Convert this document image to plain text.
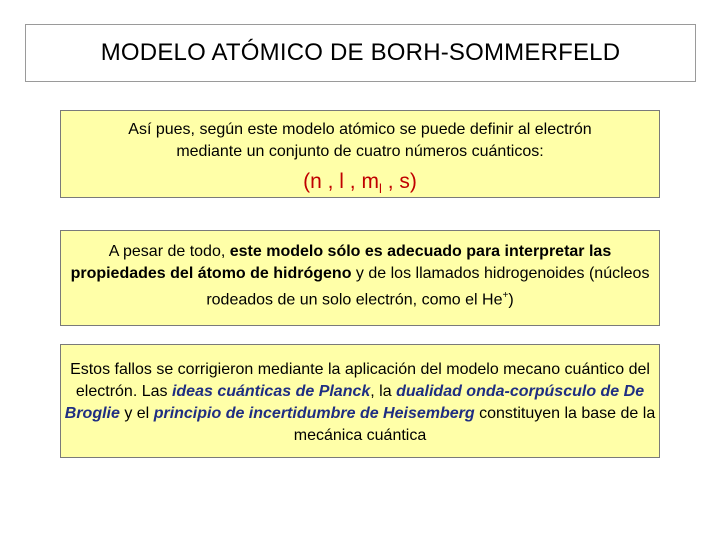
MODELO ATÓMICO DE BORH-SOMMERFELD
Así pues, según este modelo atómico se puede definir al electrón
mediante un conjunto de cuatro números cuánticos:
(n , l , $m_l$ , s)
A pesar de todo, este modelo sólo es adecuado para interpretar las propiedades del átomo de hidrógeno y de los llamados hidrogenoides (núcleos rodeados de un solo electrón, como el He+)
Estos fallos se corrigieron mediante la aplicación del modelo mecano cuántico del electrón. Las ideas cuánticas de Planck, la dualidad onda-corpúsculo de De Broglie y el principio de incertidumbre de Heisemberg constituyen la base de la mecánica cuántica
